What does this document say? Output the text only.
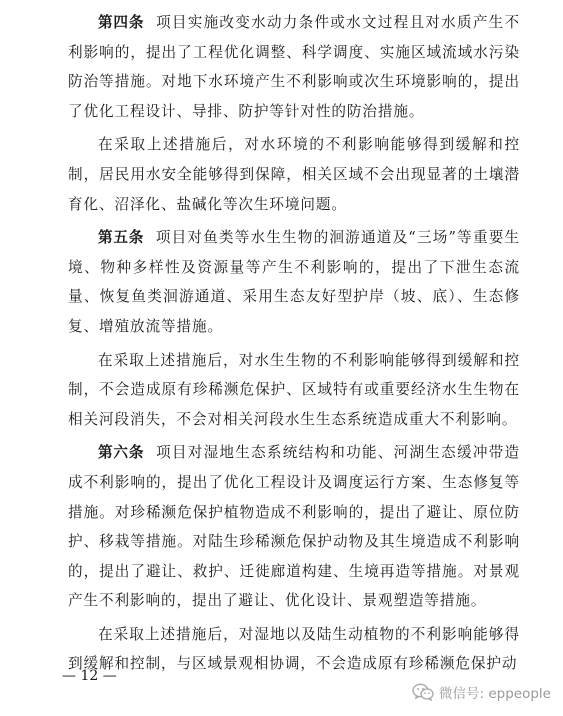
第四条 项目实施改变水动力条件或水文过程且对水质产生不利影响的，提出了工程优化调整、科学调度、实施区域流域水污染防治等措施。对地下水环境产生不利影响或次生环境影响的，提出了优化工程设计、导排、防护等针对性的防治措施。

在采取上述措施后，对水环境的不利影响能够得到缓解和控制，居民用水安全能够得到保障，相关区域不会出现显著的土壤潜育化、沼泽化、盐碱化等次生环境问题。

第五条 项目对鱼类等水生生物的洄游通道及“三场”等重要生境、物种多样性及资源量等产生不利影响的，提出了下泄生态流量、恢复鱼类洄游通道、采用生态友好型护岸（坡、底）、生态修复、增殖放流等措施。

在采取上述措施后，对水生生物的不利影响能够得到缓解和控制，不会造成原有珍稀濒危保护、区域特有或重要经济水生生物在相关河段消失，不会对相关河段水生生态系统造成重大不利影响。

第六条 项目对湿地生态系统结构和功能、河湖生态缓冲带造成不利影响的，提出了优化工程设计及调度运行方案、生态修复等措施。对珍稀濒危保护植物造成不利影响的，提出了避让、原位防护、移栽等措施。对陆生珍稀濒危保护动物及其生境造成不利影响的，提出了避让、救护、迁徙廊道构建、生境再造等措施。对景观产生不利影响的，提出了避让、优化设计、景观塑造等措施。

在采取上述措施后，对湿地以及陆生动植物的不利影响能够得到缓解和控制，与区域景观相协调，不会造成原有珍稀濒危保护动

— 12 —
微信号: eppeople
